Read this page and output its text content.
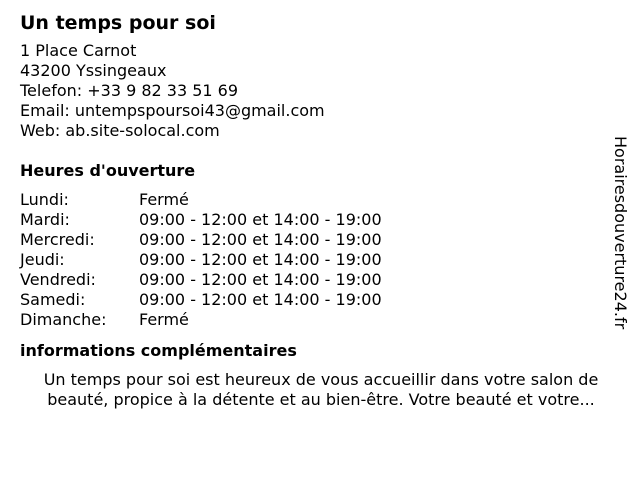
Un temps pour soi
1 Place Carnot
43200 Yssingeaux
Telefon: +33 9 82 33 51 69
Email: untempspoursoi43@gmail.com
Web: ab.site-solocal.com
Heures d'ouverture
Lundi:	Fermé
Mardi:	09:00 - 12:00 et 14:00 - 19:00
Mercredi:	09:00 - 12:00 et 14:00 - 19:00
Jeudi:	09:00 - 12:00 et 14:00 - 19:00
Vendredi:	09:00 - 12:00 et 14:00 - 19:00
Samedi:	09:00 - 12:00 et 14:00 - 19:00
Dimanche:	Fermé
informations complémentaires
Un temps pour soi est heureux de vous accueillir dans votre salon de beauté, propice à la détente et au bien-être. Votre beauté et votre...
Horairesdouverture24.fr
